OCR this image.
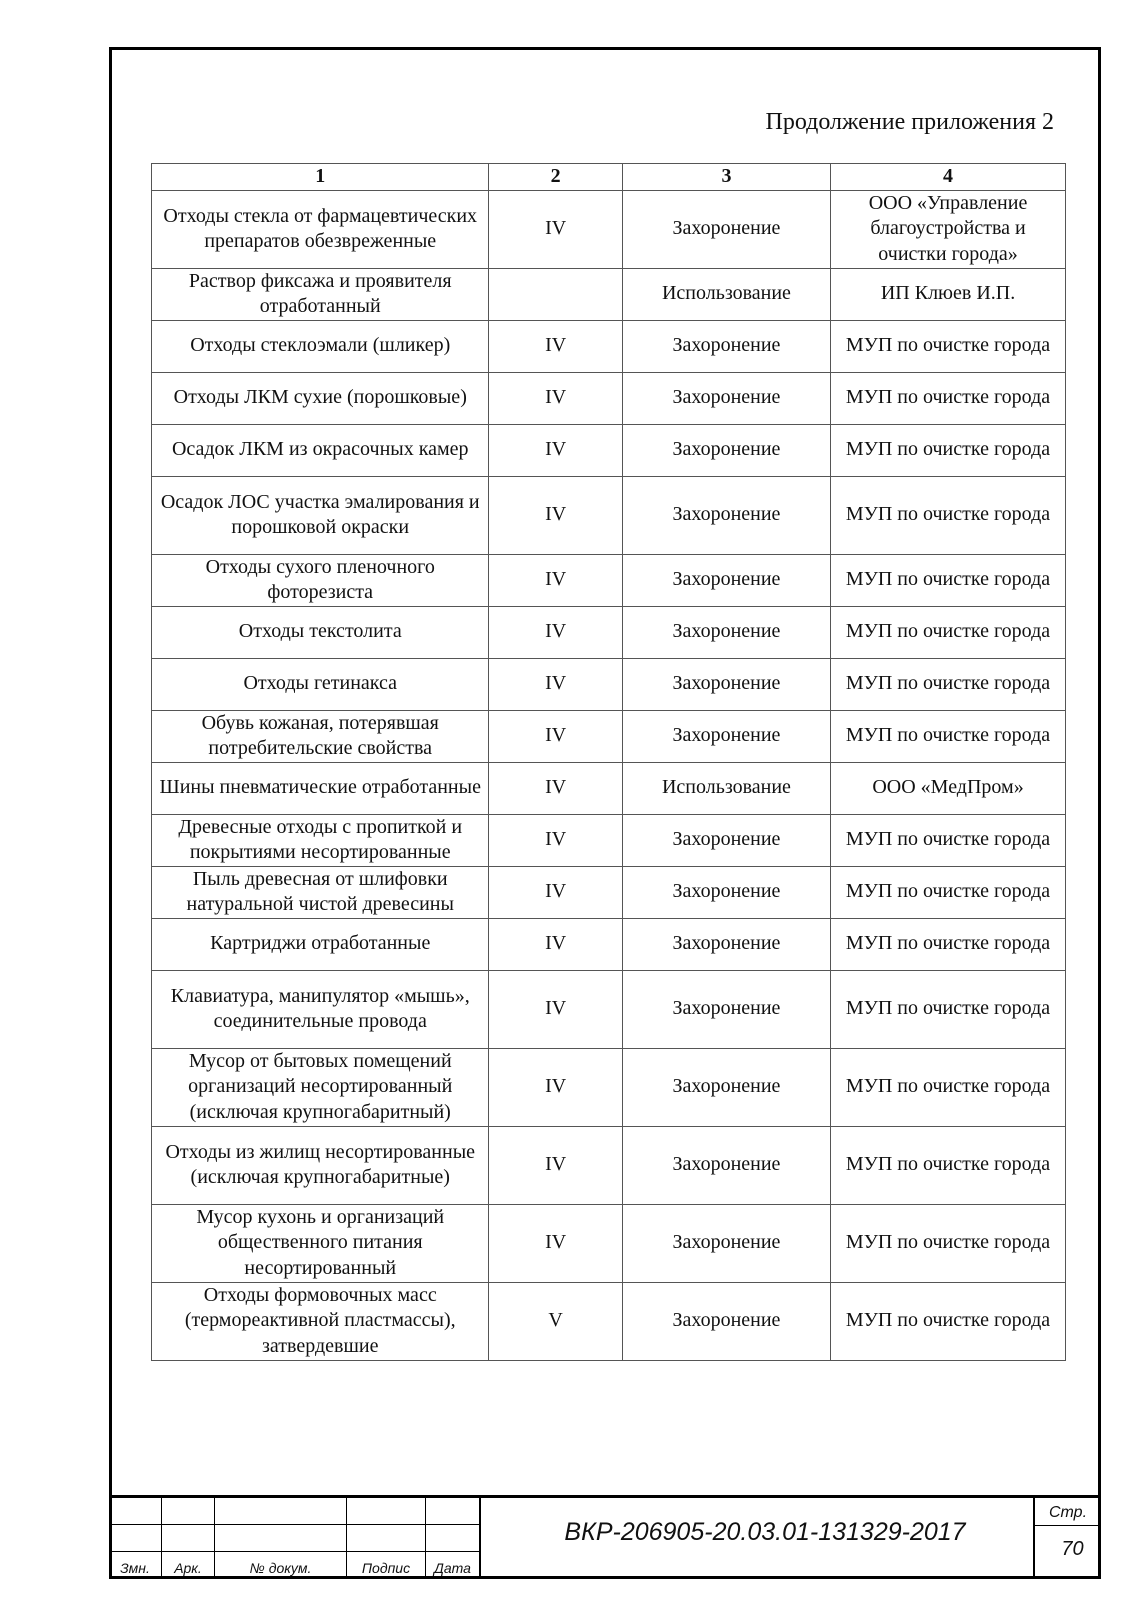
Продолжение приложения 2
1	2	3	4
Отходы стекла от фармацевтических препаратов обезвреженные	IV	Захоронение	ООО «Управление благоустройства и очистки города»
Раствор фиксажа и проявителя отработанный		Использование	ИП Клюев И.П.
Отходы стеклоэмали (шликер)	IV	Захоронение	МУП по очистке города
Отходы ЛКМ сухие (порошковые)	IV	Захоронение	МУП по очистке города
Осадок ЛКМ из окрасочных камер	IV	Захоронение	МУП по очистке города
Осадок ЛОС участка эмалирования и порошковой окраски	IV	Захоронение	МУП по очистке города
Отходы сухого пленочного фоторезиста	IV	Захоронение	МУП по очистке города
Отходы текстолита	IV	Захоронение	МУП по очистке города
Отходы гетинакса	IV	Захоронение	МУП по очистке города
Обувь кожаная, потерявшая потребительские свойства	IV	Захоронение	МУП по очистке города
Шины пневматические отработанные	IV	Использование	ООО «МедПром»
Древесные отходы с пропиткой и покрытиями несортированные	IV	Захоронение	МУП по очистке города
Пыль древесная от шлифовки натуральной чистой древесины	IV	Захоронение	МУП по очистке города
Картриджи отработанные	IV	Захоронение	МУП по очистке города
Клавиатура, манипулятор «мышь», соединительные провода	IV	Захоронение	МУП по очистке города
Мусор от бытовых помещений организаций несортированный (исключая крупногабаритный)	IV	Захоронение	МУП по очистке города
Отходы из жилищ несортированные (исключая крупногабаритные)	IV	Захоронение	МУП по очистке города
Мусор кухонь и организаций общественного питания несортированный	IV	Захоронение	МУП по очистке города
Отходы формовочных масс (термореактивной пластмассы), затвердевшие	V	Захоронение	МУП по очистке города
Змн.	Арк.	№ докум.	Подпис	Дата
ВКР-206905-20.03.01-131329-2017
Стр.
70
